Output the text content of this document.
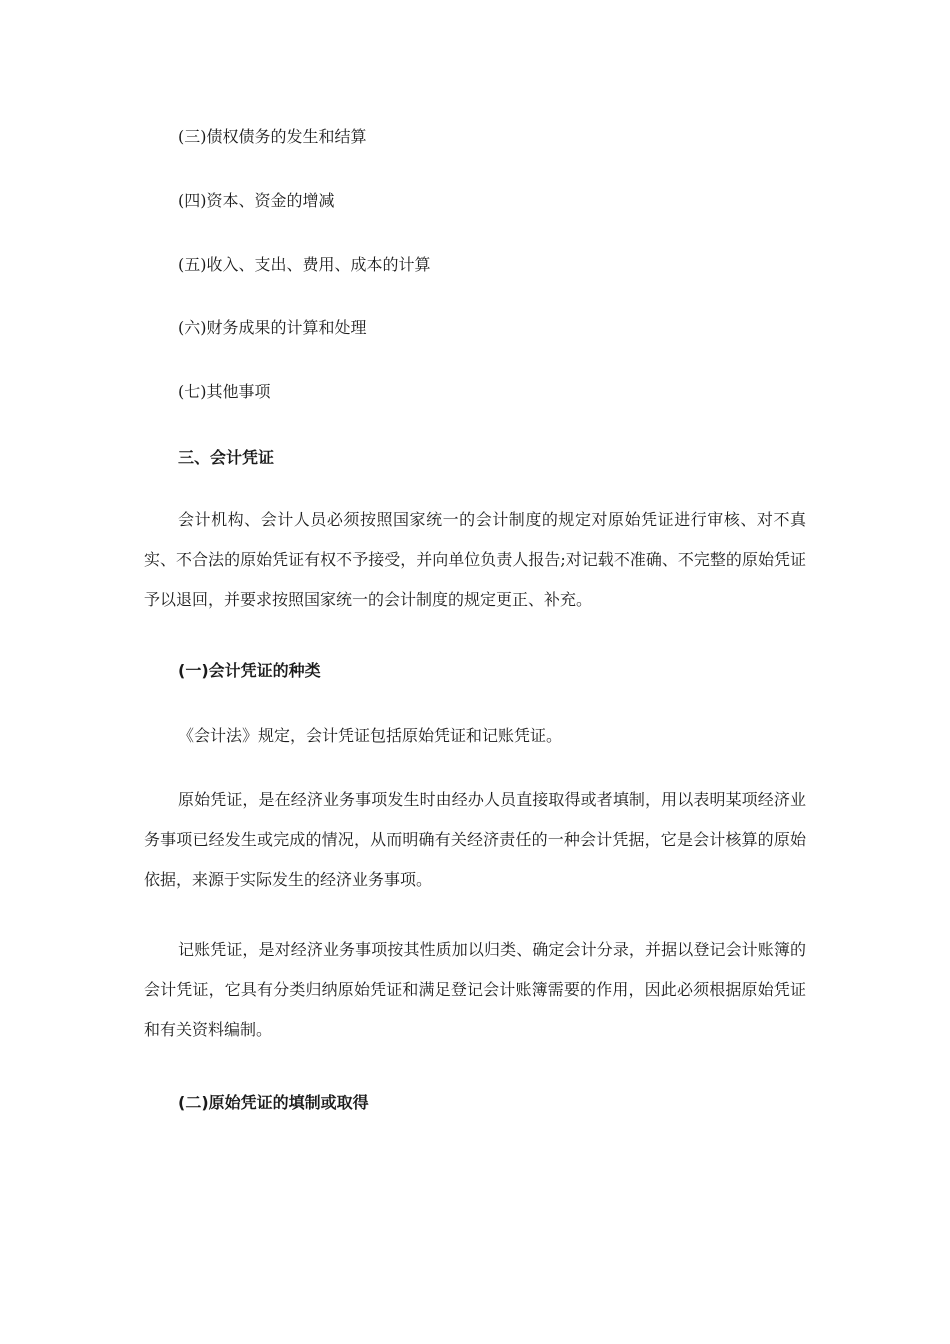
(三)债权债务的发生和结算
(四)资本、资金的增减
(五)收入、支出、费用、成本的计算
(六)财务成果的计算和处理
(七)其他事项
三、会计凭证

会计机构、会计人员必须按照国家统一的会计制度的规定对原始凭证进行审核、对不真实、不合法的原始凭证有权不予接受，并向单位负责人报告;对记载不准确、不完整的原始凭证予以退回，并要求按照国家统一的会计制度的规定更正、补充。

(一)会计凭证的种类

《会计法》规定，会计凭证包括原始凭证和记账凭证。

原始凭证，是在经济业务事项发生时由经办人员直接取得或者填制，用以表明某项经济业务事项已经发生或完成的情况，从而明确有关经济责任的一种会计凭据，它是会计核算的原始依据，来源于实际发生的经济业务事项。

记账凭证，是对经济业务事项按其性质加以归类、确定会计分录，并据以登记会计账簿的会计凭证，它具有分类归纳原始凭证和满足登记会计账簿需要的作用，因此必须根据原始凭证和有关资料编制。

(二)原始凭证的填制或取得
